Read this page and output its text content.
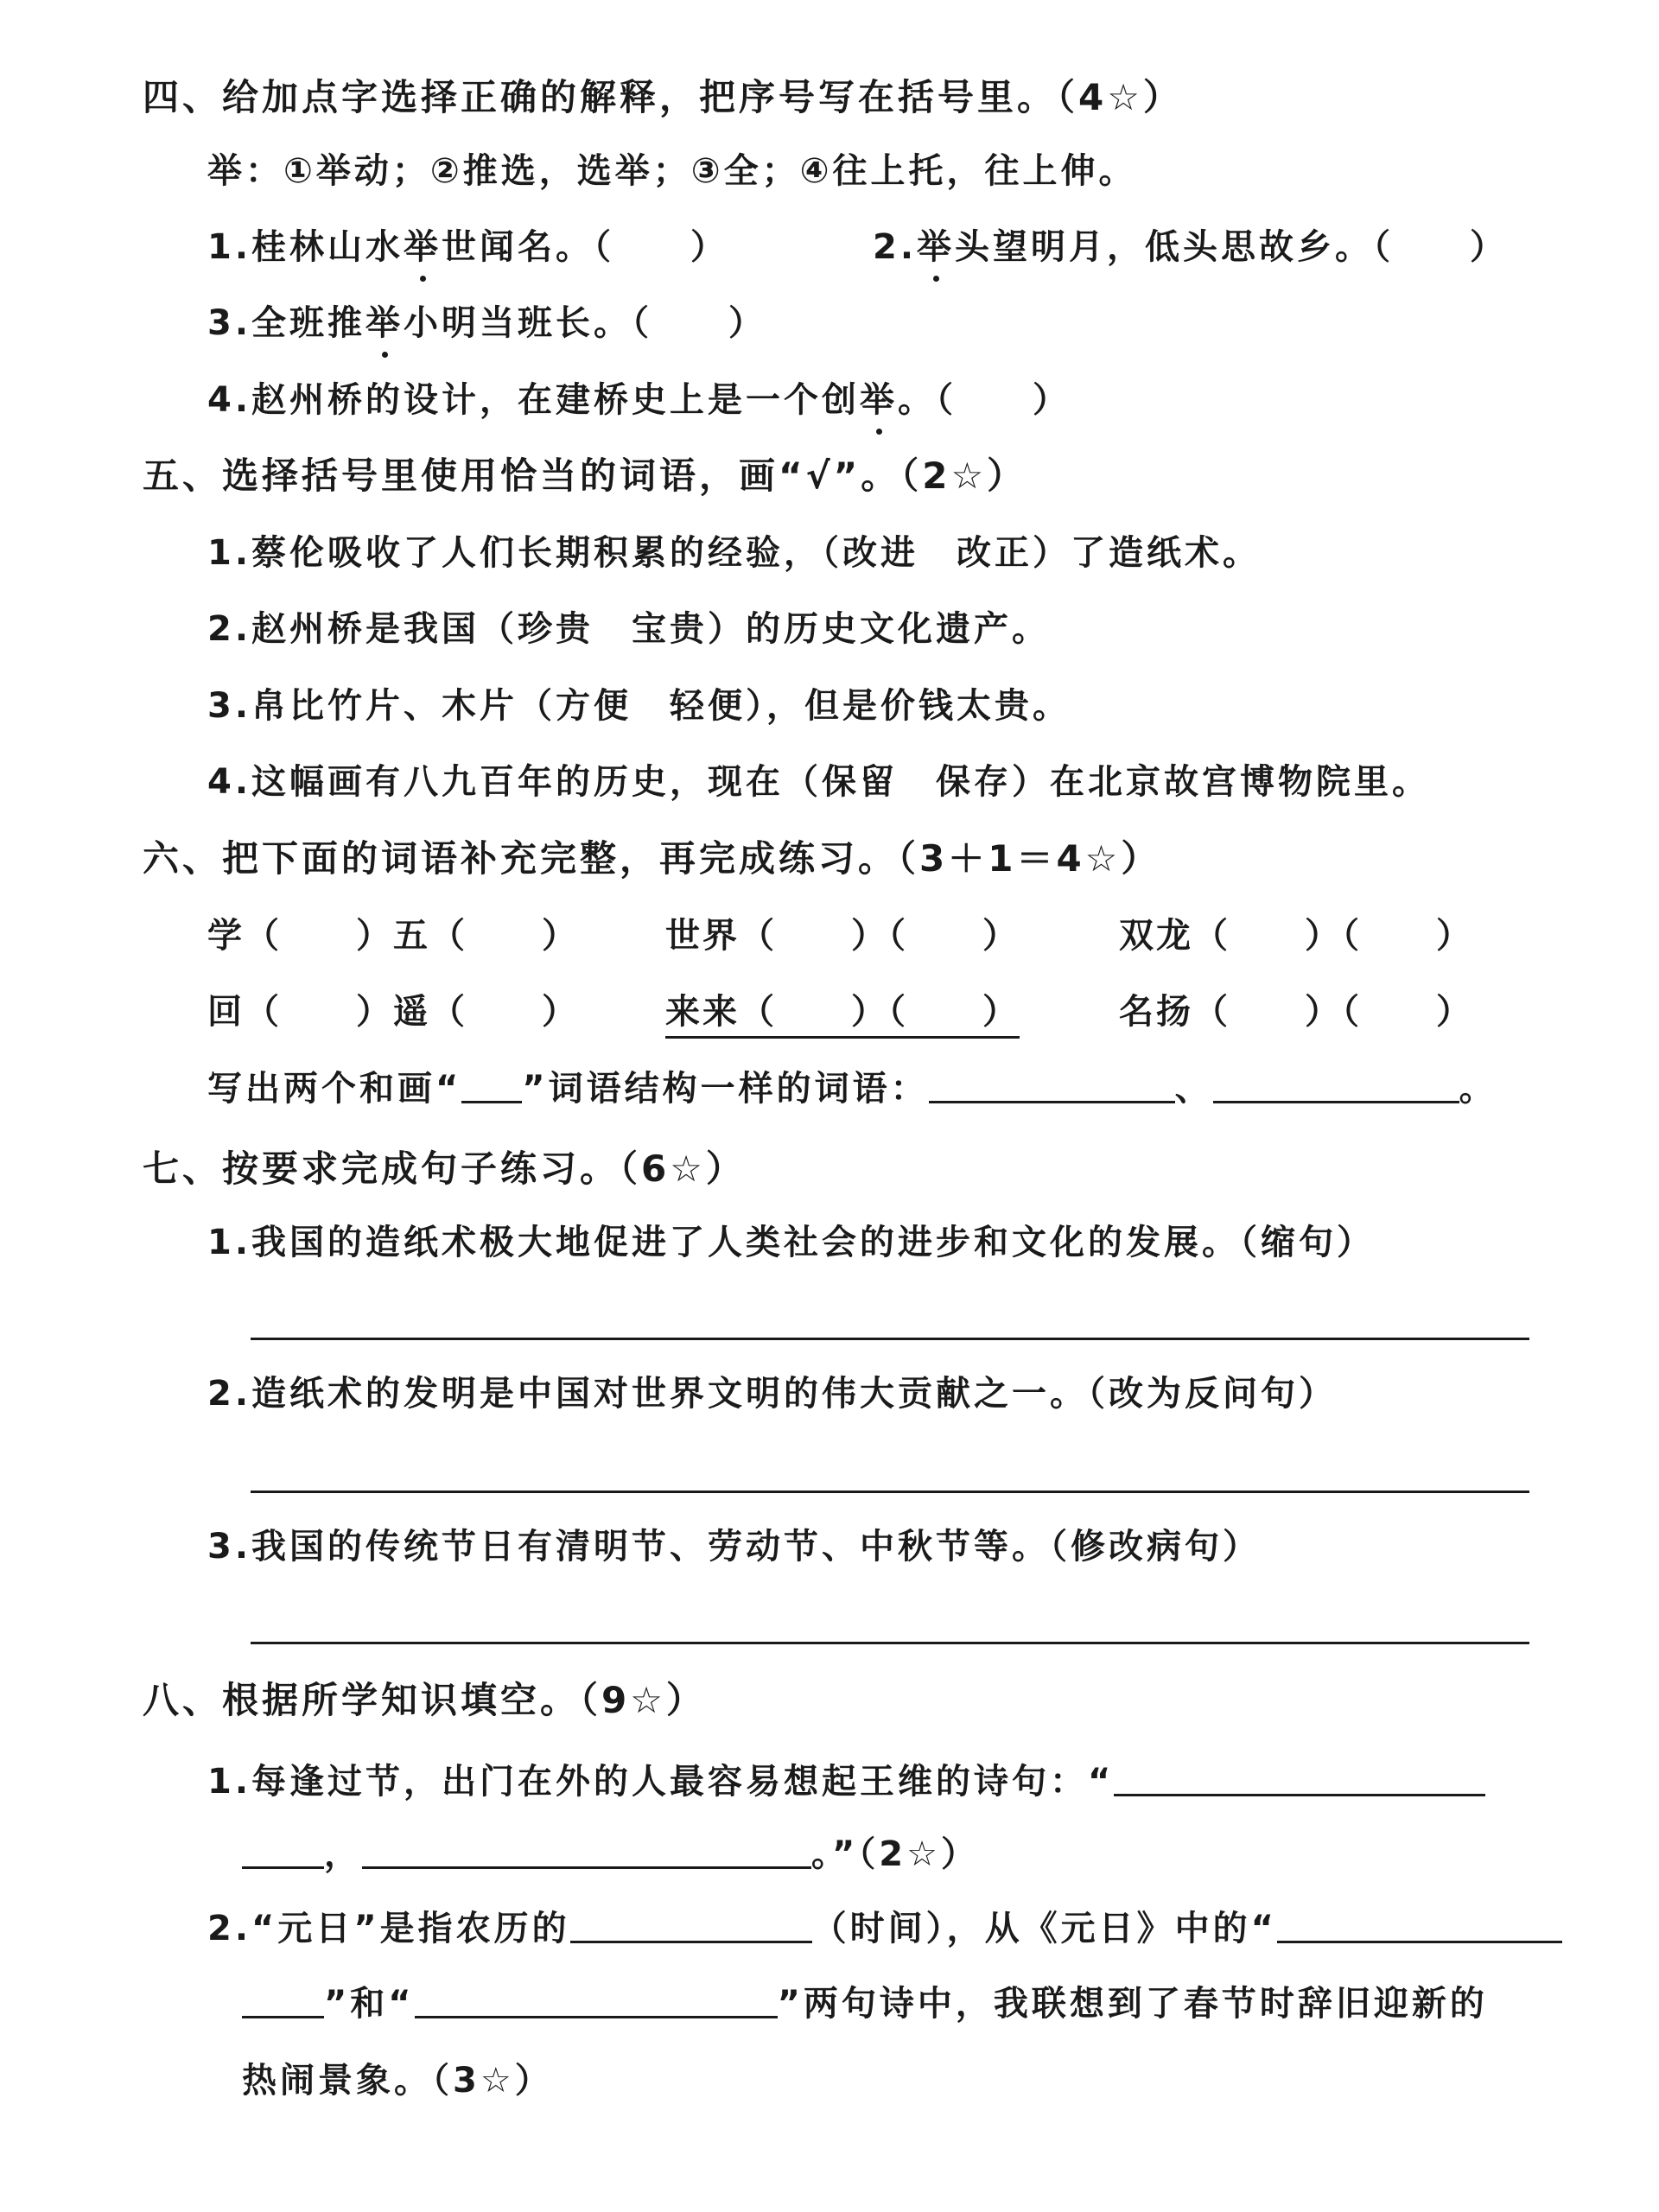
四、给加点字选择正确的解释，把序号写在括号里。（4☆）
举：①举动；②推选，选举；③全；④往上托，往上伸。
1.桂林山水举世闻名。（　　）	2.举头望明月，低头思故乡。（　　）
3.全班推举小明当班长。（　　）
4.赵州桥的设计，在建桥史上是一个创举。（　　）
五、选择括号里使用恰当的词语，画“√”。（2☆）
1.蔡伦吸收了人们长期积累的经验，（改进　改正）了造纸术。
2.赵州桥是我国（珍贵　宝贵）的历史文化遗产。
3.帛比竹片、木片（方便　轻便），但是价钱太贵。
4.这幅画有八九百年的历史，现在（保留　保存）在北京故宫博物院里。
六、把下面的词语补充完整，再完成练习。（3＋1＝4☆）
学（　　）五（　　）	世界（　　）（　　）	双龙（　　）（　　）
回（　　）遥（　　）	来来（　　）（　　）	名扬（　　）（　　）
写出两个和画“ ”词语结构一样的词语：	、	。
七、按要求完成句子练习。（6☆）
1.我国的造纸术极大地促进了人类社会的进步和文化的发展。（缩句）
2.造纸术的发明是中国对世界文明的伟大贡献之一。（改为反问句）
3.我国的传统节日有清明节、劳动节、中秋节等。（修改病句）
八、根据所学知识填空。（9☆）
1.每逢过节，出门在外的人最容易想起王维的诗句：“
，	。”（2☆）
2.“元日”是指农历的	（时间），从《元日》中的“
”和“	”两句诗中，我联想到了春节时辞旧迎新的
热闹景象。（3☆）
